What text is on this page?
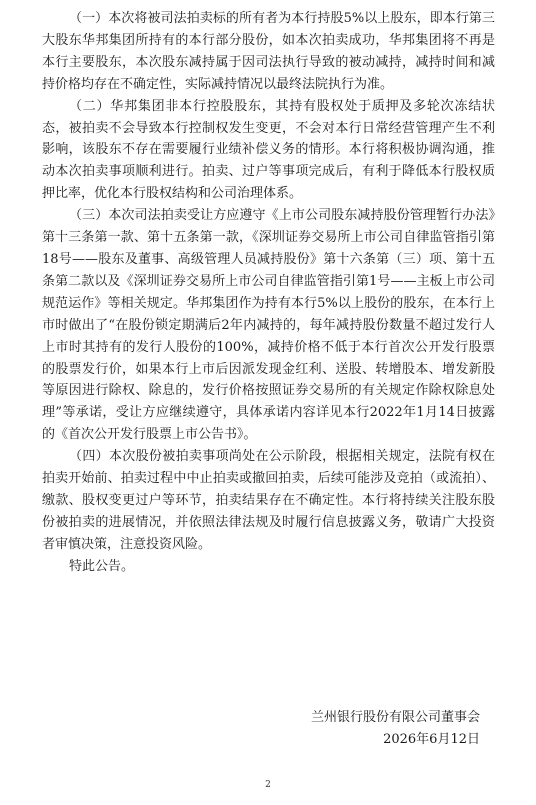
（一）本次将被司法拍卖标的所有者为本行持股5%以上股东，即本行第三大股东华邦集团所持有的本行部分股份，如本次拍卖成功，华邦集团将不再是本行主要股东，本次股东减持属于因司法执行导致的被动减持，减持时间和减持价格均存在不确定性，实际减持情况以最终法院执行为准。

（二）华邦集团非本行控股股东，其持有股权处于质押及多轮次冻结状态，被拍卖不会导致本行控制权发生变更，不会对本行日常经营管理产生不利影响，该股东不存在需要履行业绩补偿义务的情形。本行将积极协调沟通，推动本次拍卖事项顺利进行。拍卖、过户等事项完成后，有利于降低本行股权质押比率，优化本行股权结构和公司治理体系。

（三）本次司法拍卖受让方应遵守《上市公司股东减持股份管理暂行办法》第十三条第一款、第十五条第一款，《深圳证券交易所上市公司自律监管指引第18号——股东及董事、高级管理人员减持股份》第十六条第（三）项、第十五条第二款以及《深圳证券交易所上市公司自律监管指引第1号——主板上市公司规范运作》等相关规定。华邦集团作为持有本行5%以上股份的股东，在本行上市时做出了“在股份锁定期满后2年内减持的，每年减持股份数量不超过发行人上市时其持有的发行人股份的100%，减持价格不低于本行首次公开发行股票的股票发行价，如果本行上市后因派发现金红利、送股、转增股本、增发新股等原因进行除权、除息的，发行价格按照证券交易所的有关规定作除权除息处理”等承诺，受让方应继续遵守，具体承诺内容详见本行2022年1月14日披露的《首次公开发行股票上市公告书》。

（四）本次股份被拍卖事项尚处在公示阶段，根据相关规定，法院有权在拍卖开始前、拍卖过程中中止拍卖或撤回拍卖，后续可能涉及竞拍（或流拍）、缴款、股权变更过户等环节，拍卖结果存在不确定性。本行将持续关注股东股份被拍卖的进展情况，并依照法律法规及时履行信息披露义务，敬请广大投资者审慎决策，注意投资风险。

特此公告。

兰州银行股份有限公司董事会
2026年6月12日
2
